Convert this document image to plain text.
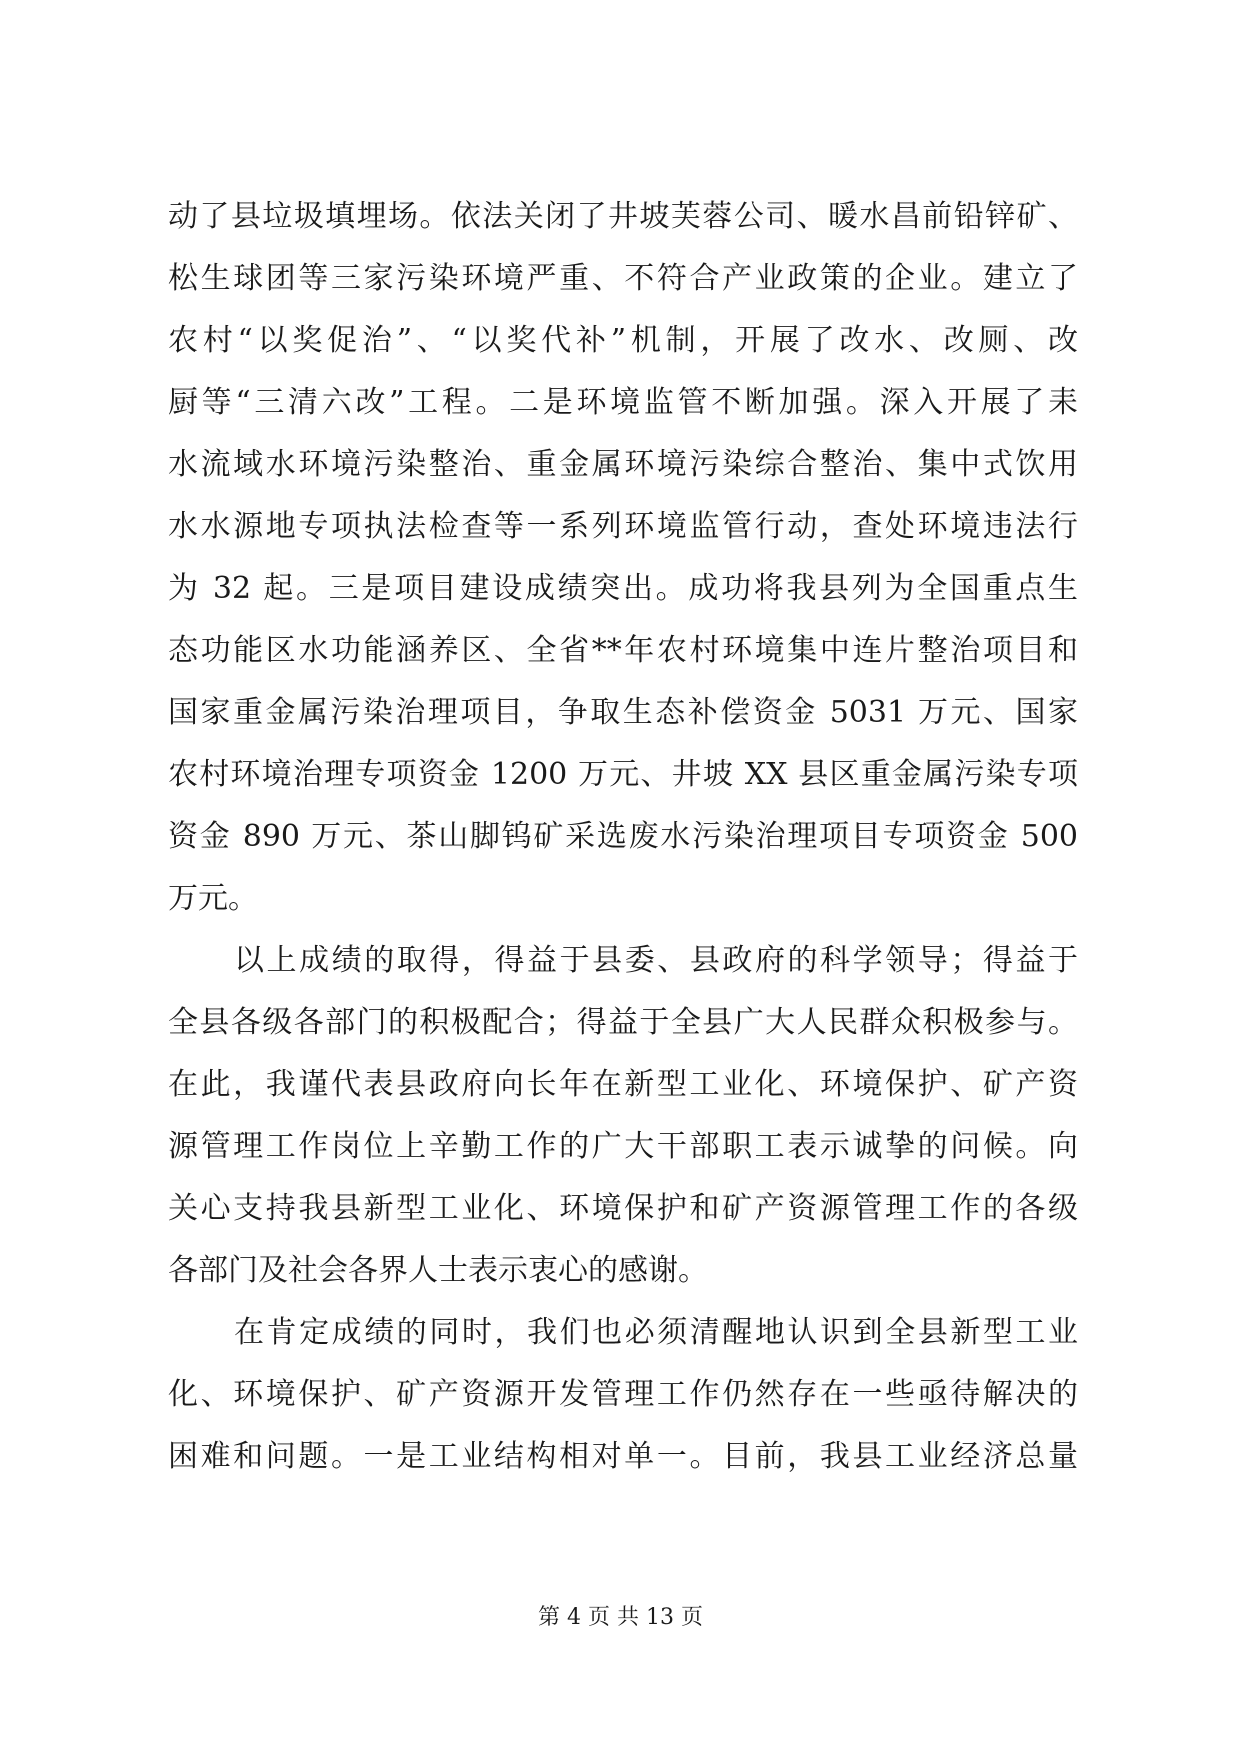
动了县垃圾填埋场。依法关闭了井坡芙蓉公司、暖水昌前铅锌矿、
松生球团等三家污染环境严重、不符合产业政策的企业。建立了
农村“以奖促治”、“以奖代补”机制，开展了改水、改厕、改
厨等“三清六改”工程。二是环境监管不断加强。深入开展了耒
水流域水环境污染整治、重金属环境污染综合整治、集中式饮用
水水源地专项执法检查等一系列环境监管行动，查处环境违法行
为 32 起。三是项目建设成绩突出。成功将我县列为全国重点生
态功能区水功能涵养区、全省**年农村环境集中连片整治项目和
国家重金属污染治理项目，争取生态补偿资金 5031 万元、国家
农村环境治理专项资金 1200 万元、井坡 XX 县区重金属污染专项
资金 890 万元、茶山脚钨矿采选废水污染治理项目专项资金 500
万元。
以上成绩的取得，得益于县委、县政府的科学领导；得益于
全县各级各部门的积极配合；得益于全县广大人民群众积极参与。
在此，我谨代表县政府向长年在新型工业化、环境保护、矿产资
源管理工作岗位上辛勤工作的广大干部职工表示诚挚的问候。向
关心支持我县新型工业化、环境保护和矿产资源管理工作的各级
各部门及社会各界人士表示衷心的感谢。
在肯定成绩的同时，我们也必须清醒地认识到全县新型工业
化、环境保护、矿产资源开发管理工作仍然存在一些亟待解决的
困难和问题。一是工业结构相对单一。目前，我县工业经济总量
第 4 页 共 13 页
